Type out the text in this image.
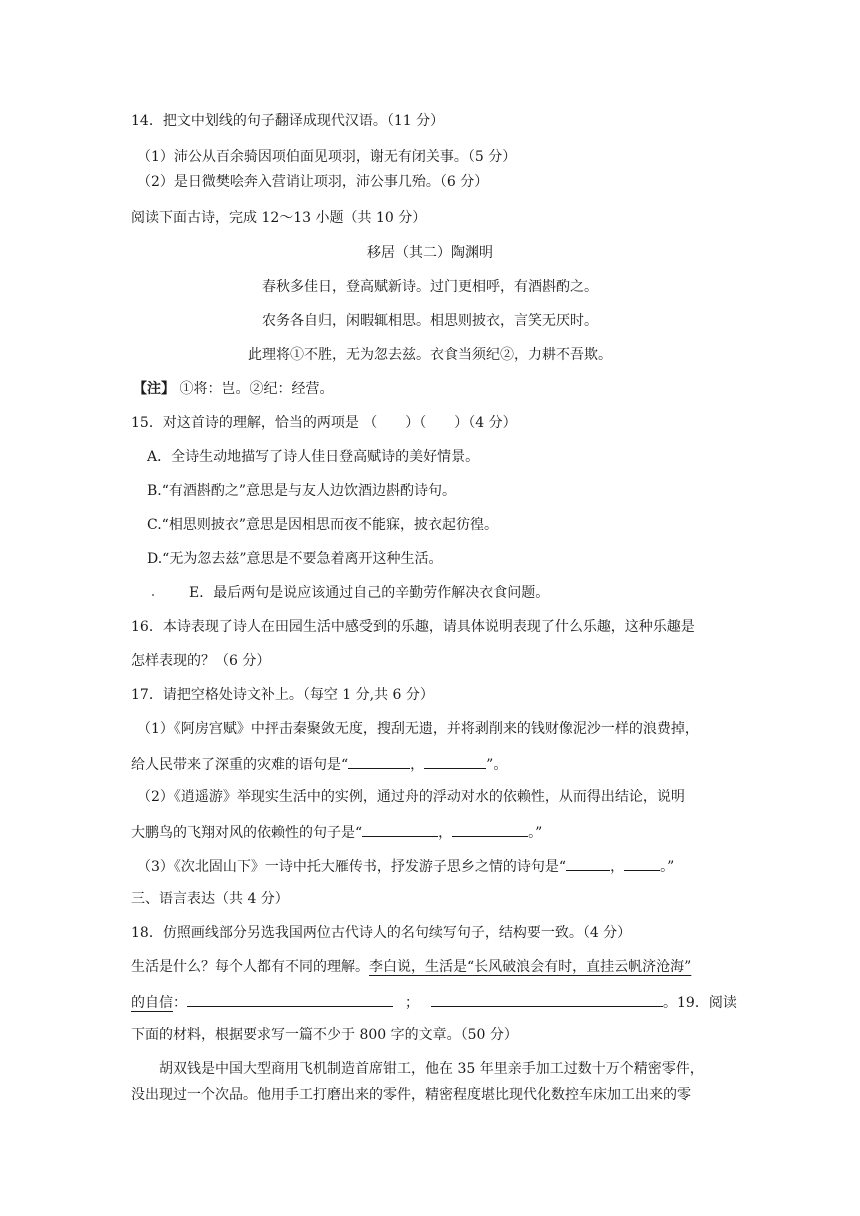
14．把文中划线的句子翻译成现代汉语。（11 分）
（1）沛公从百余骑因项伯面见项羽，谢无有闭关事。（5 分）
（2）是日微樊哙奔入营诮让项羽，沛公事几殆。（6 分）
阅读下面古诗，完成 12～13 小题（共 10 分）
移居（其二）陶渊明
春秋多佳日，登高赋新诗。过门更相呼，有酒斟酌之。
农务各自归，闲暇辄相思。相思则披衣，言笑无厌时。
此理将①不胜，无为忽去兹。衣食当须纪②，力耕不吾欺。
【注】 ①将：岂。②纪：经营。
15．对这首诗的理解，恰当的两项是 （　　）（　　）（4 分）
A．全诗生动地描写了诗人佳日登高赋诗的美好情景。
B.“有酒斟酌之”意思是与友人边饮酒边斟酌诗句。
C.“相思则披衣”意思是因相思而夜不能寐，披衣起彷徨。
D.“无为忽去兹”意思是不要急着离开这种生活。
E．最后两句是说应该通过自己的辛勤劳作解决衣食问题。
16．本诗表现了诗人在田园生活中感受到的乐趣，请具体说明表现了什么乐趣，这种乐趣是
怎样表现的？（6 分）
17．请把空格处诗文补上。（每空 1 分,共 6 分）
（1）《阿房宫赋》中抨击秦聚敛无度，搜刮无遗，并将剥削来的钱财像泥沙一样的浪费掉，
给人民带来了深重的灾难的语句是“	，	”。
（2）《逍遥游》举现实生活中的实例，通过舟的浮动对水的依赖性，从而得出结论，说明
大鹏鸟的飞翔对风的依赖性的句子是“	，	。”
（3）《次北固山下》一诗中托大雁传书，抒发游子思乡之情的诗句是“	，	。”
三、语言表达（共 4 分）
18．仿照画线部分另选我国两位古代诗人的名句续写句子，结构要一致。（4 分）
生活是什么？每个人都有不同的理解。李白说，生活是“长风破浪会有时，直挂云帆济沧海”
的自信：	；	。19．阅读
下面的材料，根据要求写一篇不少于 800 字的文章。（50 分）
胡双钱是中国大型商用飞机制造首席钳工，他在 35 年里亲手加工过数十万个精密零件，
没出现过一个次品。他用手工打磨出来的零件，精密程度堪比现代化数控车床加工出来的零
